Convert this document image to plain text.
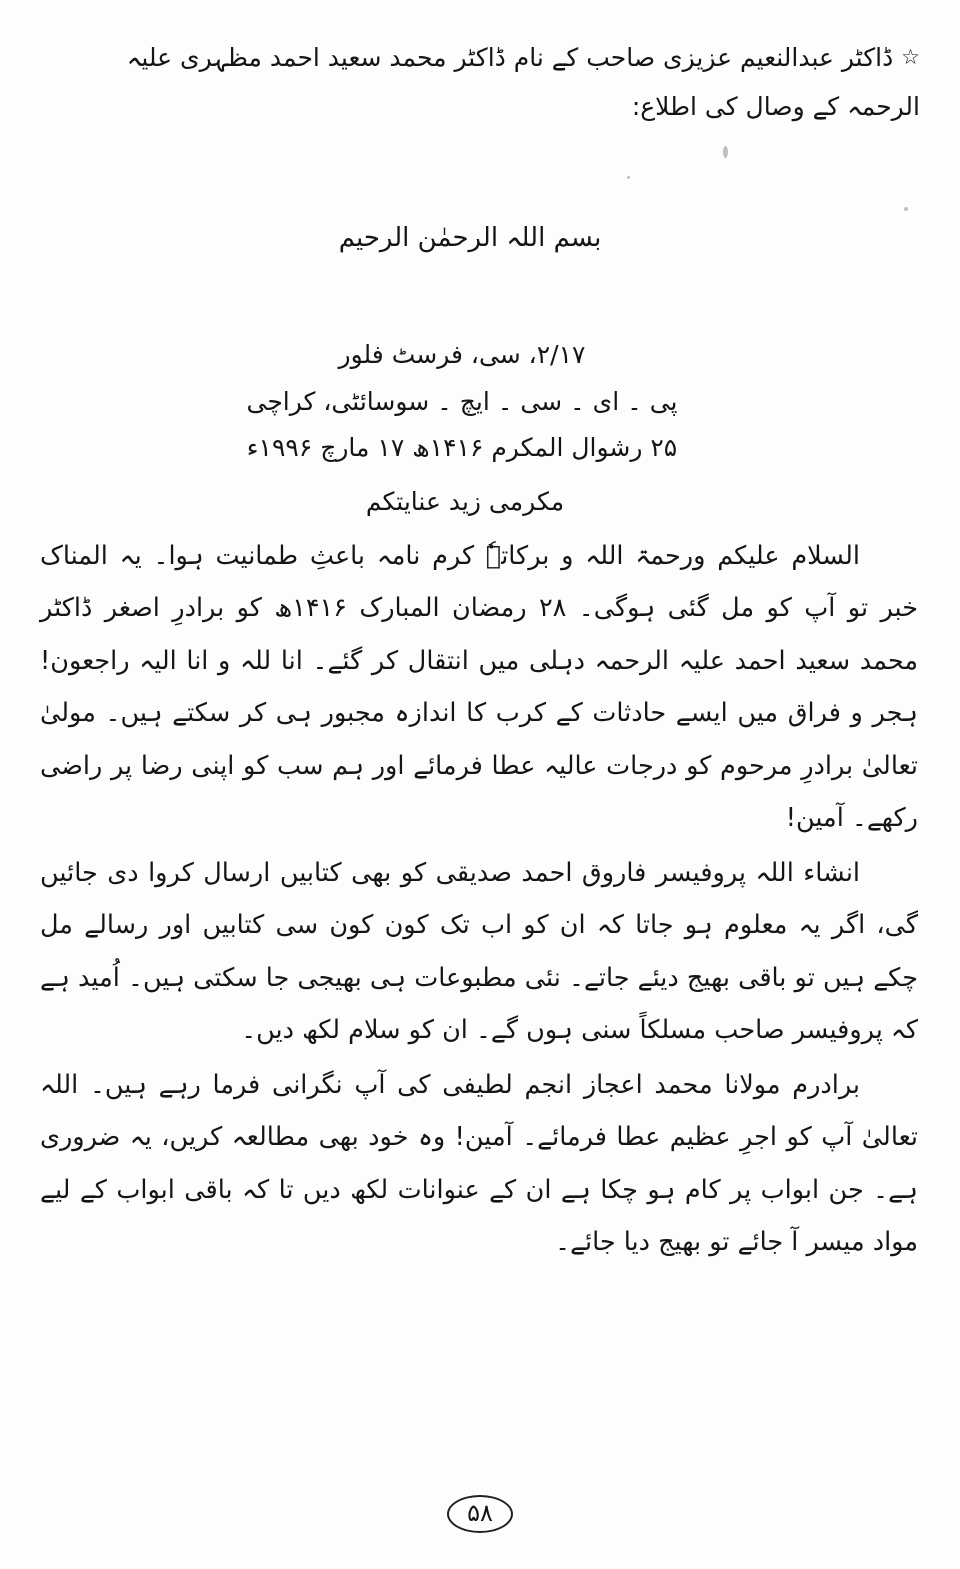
☆ ڈاکٹر عبدالنعیم عزیزی صاحب کے نام ڈاکٹر محمد سعید احمد مظہری علیہ الرحمہ کے وصال کی اطلاع:
بسم اللہ الرحمٰن الرحیم
۲/۱۷، سی، فرسٹ فلور
پی ۔ ای ۔ سی ۔ ایچ ۔ سوسائٹی، کراچی
۲۵ رشوال المکرم ۱۴۱۶ھ ۱۷ مارچ ۱۹۹۶ء
مکرمی زید عنایتکم

السلام علیکم ورحمۃ اللہ و برکاتہٗ کرم نامہ باعثِ طمانیت ہوا۔ یہ المناک خبر تو آپ کو مل گئی ہوگی۔ ۲۸ رمضان المبارک ۱۴۱۶ھ کو برادرِ اصغر ڈاکٹر محمد سعید احمد علیہ الرحمہ دہلی میں انتقال کر گئے۔ انا للہ و انا الیہ راجعون! ہجر و فراق میں ایسے حادثات کے کرب کا اندازہ مجبور ہی کر سکتے ہیں۔ مولیٰ تعالیٰ برادرِ مرحوم کو درجات عالیہ عطا فرمائے اور ہم سب کو اپنی رضا پر راضی رکھے۔ آمین!

انشاء اللہ پروفیسر فاروق احمد صدیقی کو بھی کتابیں ارسال کروا دی جائیں گی، اگر یہ معلوم ہو جاتا کہ ان کو اب تک کون کون سی کتابیں اور رسالے مل چکے ہیں تو باقی بھیج دیئے جاتے۔ نئی مطبوعات ہی بھیجی جا سکتی ہیں۔ اُمید ہے کہ پروفیسر صاحب مسلکاً سنی ہوں گے۔ ان کو سلام لکھ دیں۔

برادرم مولانا محمد اعجاز انجم لطیفی کی آپ نگرانی فرما رہے ہیں۔ اللہ تعالیٰ آپ کو اجرِ عظیم عطا فرمائے۔ آمین! وہ خود بھی مطالعہ کریں، یہ ضروری ہے۔ جن ابواب پر کام ہو چکا ہے ان کے عنوانات لکھ دیں تا کہ باقی ابواب کے لیے مواد میسر آ جائے تو بھیج دیا جائے۔

۵۸
